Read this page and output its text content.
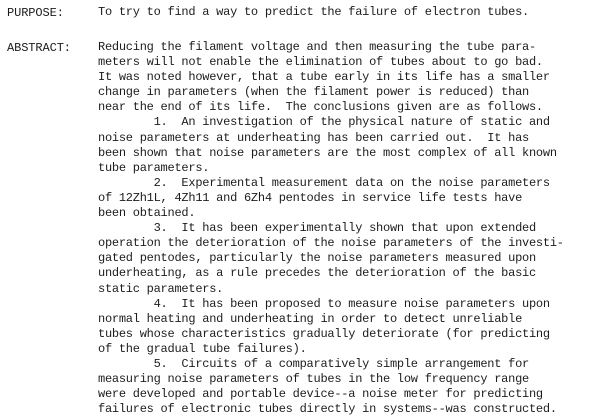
PURPOSE:	To try to find a way to predict the failure of electron tubes.
ABSTRACT: Reducing the filament voltage and then measuring the tube para-
meters will not enable the elimination of tubes about to go bad.
It was noted however, that a tube early in its life has a smaller
change in parameters (when the filament power is reduced) than
near the end of its life.  The conclusions given are as follows.
1.  An investigation of the physical nature of static and
noise parameters at underheating has been carried out.  It has
been shown that noise parameters are the most complex of all known
tube parameters.
2.  Experimental measurement data on the noise parameters
of 12Zh1L, 4Zh11 and 6Zh4 pentodes in service life tests have
been obtained.
3.  It has been experimentally shown that upon extended
operation the deterioration of the noise parameters of the investi-
gated pentodes, particularly the noise parameters measured upon
underheating, as a rule precedes the deterioration of the basic
static parameters.
4.  It has been proposed to measure noise parameters upon
normal heating and underheating in order to detect unreliable
tubes whose characteristics gradually deteriorate (for predicting
of the gradual tube failures).
5.  Circuits of a comparatively simple arrangement for
measuring noise parameters of tubes in the low frequency range
were developed and portable device--a noise meter for predicting
failures of electronic tubes directly in systems--was constructed.
